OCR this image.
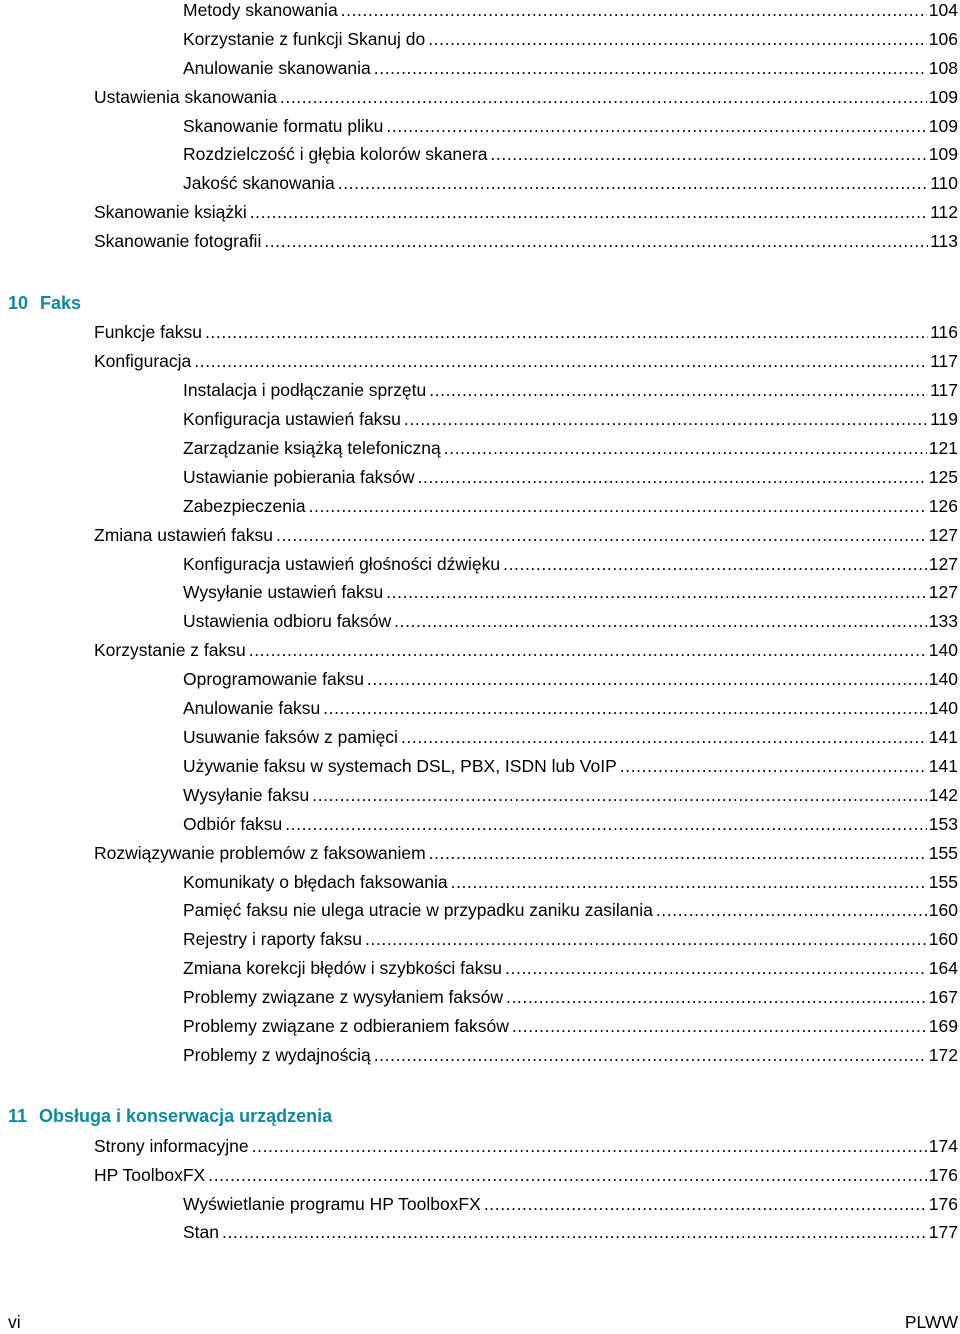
Metody skanowania .....	104
Korzystanie z funkcji Skanuj do .....	106
Anulowanie skanowania .....	108
Ustawienia skanowania .....	109
Skanowanie formatu pliku .....	109
Rozdzielczość i głębia kolorów skanera .....	109
Jakość skanowania .....	110
Skanowanie książki .....	112
Skanowanie fotografii .....	113
10 Faks
Funkcje faksu .....	116
Konfiguracja .....	117
Instalacja i podłączanie sprzętu .....	117
Konfiguracja ustawień faksu .....	119
Zarządzanie książką telefoniczną .....	121
Ustawianie pobierania faksów .....	125
Zabezpieczenia .....	126
Zmiana ustawień faksu .....	127
Konfiguracja ustawień głośności dźwięku .....	127
Wysyłanie ustawień faksu .....	127
Ustawienia odbioru faksów .....	133
Korzystanie z faksu .....	140
Oprogramowanie faksu .....	140
Anulowanie faksu .....	140
Usuwanie faksów z pamięci .....	141
Używanie faksu w systemach DSL, PBX, ISDN lub VoIP .....	141
Wysyłanie faksu .....	142
Odbiór faksu .....	153
Rozwiązywanie problemów z faksowaniem .....	155
Komunikaty o błędach faksowania .....	155
Pamięć faksu nie ulega utracie w przypadku zaniku zasilania .....	160
Rejestry i raporty faksu .....	160
Zmiana korekcji błędów i szybkości faksu .....	164
Problemy związane z wysyłaniem faksów .....	167
Problemy związane z odbieraniem faksów .....	169
Problemy z wydajnością .....	172
11 Obsługa i konserwacja urządzenia
Strony informacyjne .....	174
HP ToolboxFX .....	176
Wyświetlanie programu HP ToolboxFX .....	176
Stan .....	177
vi	PLWW
